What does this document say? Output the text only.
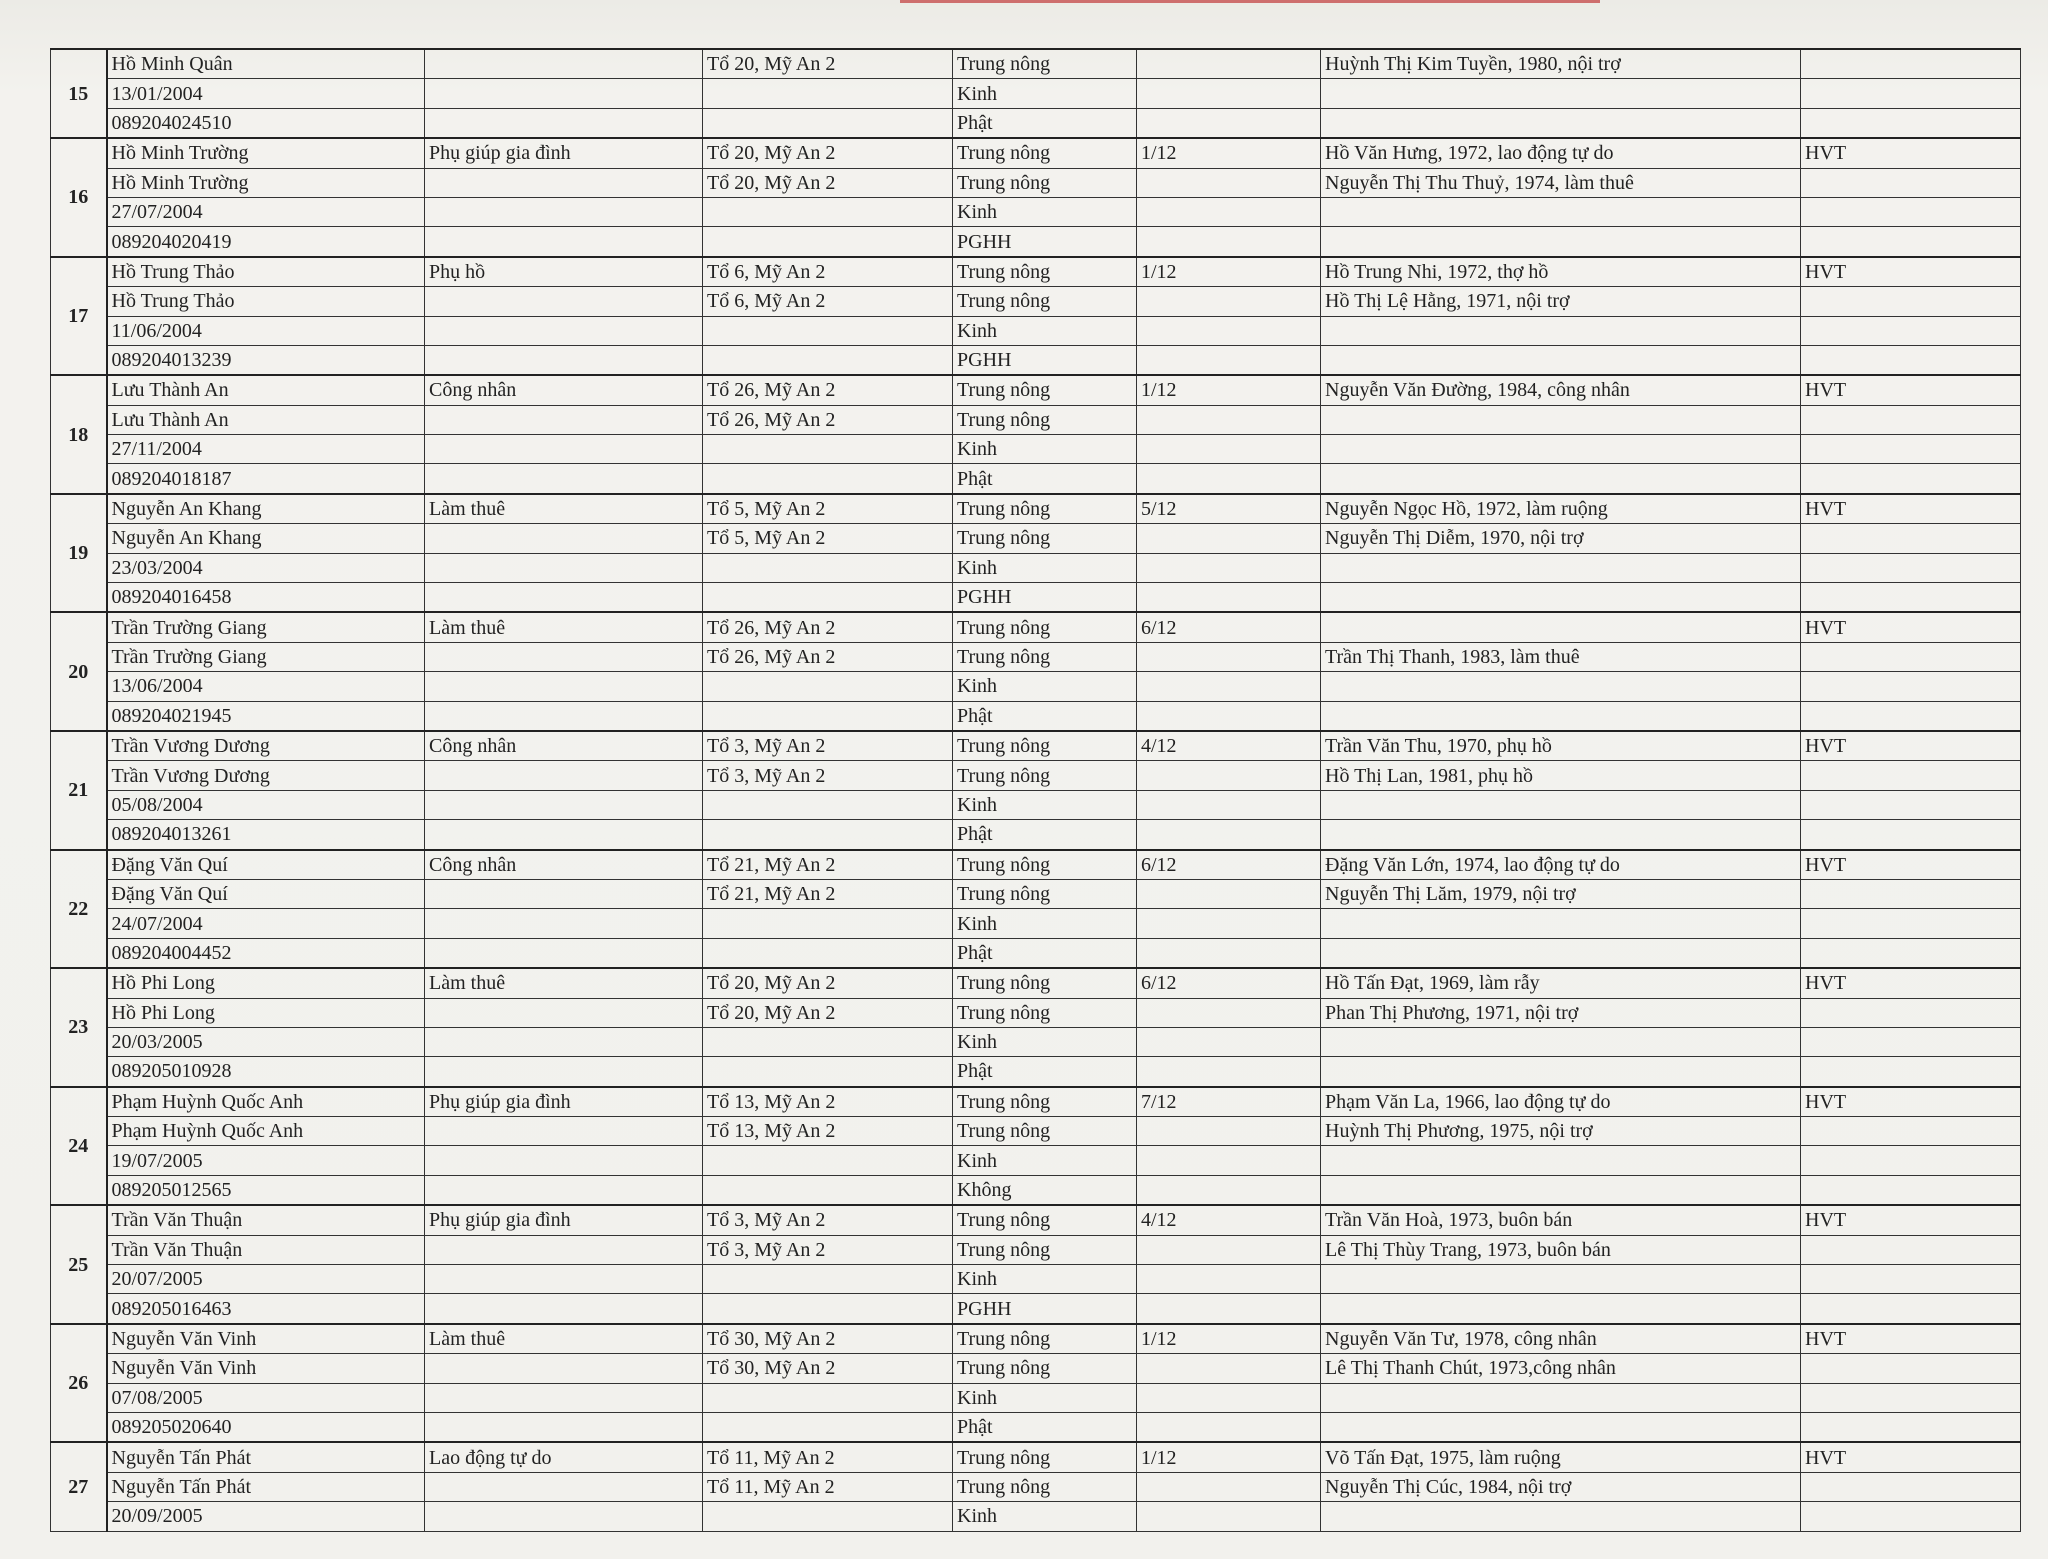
15	Hồ Minh Quân		Tổ 20, Mỹ An 2	Trung nông		Huỳnh Thị Kim Tuyền, 1980, nội trợ	
	13/01/2004			Kinh			
	089204024510			Phật			
16	Hồ Minh Trường	Phụ giúp gia đình	Tổ 20, Mỹ An 2	Trung nông	1/12	Hồ Văn Hưng, 1972, lao động tự do	HVT
	Hồ Minh Trường		Tổ 20, Mỹ An 2	Trung nông		Nguyễn Thị Thu Thuỷ, 1974, làm thuê	
	27/07/2004			Kinh			
	089204020419			PGHH			
17	Hồ Trung Thảo	Phụ hồ	Tổ 6, Mỹ An 2	Trung nông	1/12	Hồ Trung Nhi, 1972, thợ hồ	HVT
	Hồ Trung Thảo		Tổ 6, Mỹ An 2	Trung nông		Hồ Thị Lệ Hằng, 1971, nội trợ	
	11/06/2004			Kinh			
	089204013239			PGHH			
18	Lưu Thành An	Công nhân	Tổ 26, Mỹ An 2	Trung nông	1/12	Nguyễn Văn Đường, 1984, công nhân	HVT
	Lưu Thành An		Tổ 26, Mỹ An 2	Trung nông			
	27/11/2004			Kinh			
	089204018187			Phật			
19	Nguyễn An Khang	Làm thuê	Tổ 5, Mỹ An 2	Trung nông	5/12	Nguyễn Ngọc Hồ, 1972, làm ruộng	HVT
	Nguyễn An Khang		Tổ 5, Mỹ An 2	Trung nông		Nguyễn Thị Diễm, 1970, nội trợ	
	23/03/2004			Kinh			
	089204016458			PGHH			
20	Trần Trường Giang	Làm thuê	Tổ 26, Mỹ An 2	Trung nông	6/12		HVT
	Trần Trường Giang		Tổ 26, Mỹ An 2	Trung nông		Trần Thị Thanh, 1983, làm thuê	
	13/06/2004			Kinh			
	089204021945			Phật			
21	Trần Vương Dương	Công nhân	Tổ 3, Mỹ An 2	Trung nông	4/12	Trần Văn Thu, 1970, phụ hồ	HVT
	Trần Vương Dương		Tổ 3, Mỹ An 2	Trung nông		Hồ Thị Lan, 1981, phụ hồ	
	05/08/2004			Kinh			
	089204013261			Phật			
22	Đặng Văn Quí	Công nhân	Tổ 21, Mỹ An 2	Trung nông	6/12	Đặng Văn Lớn, 1974, lao động tự do	HVT
	Đặng Văn Quí		Tổ 21, Mỹ An 2	Trung nông		Nguyễn Thị Lăm, 1979, nội trợ	
	24/07/2004			Kinh			
	089204004452			Phật			
23	Hồ Phi Long	Làm thuê	Tổ 20, Mỹ An 2	Trung nông	6/12	Hồ Tấn Đạt, 1969, làm rẫy	HVT
	Hồ Phi Long		Tổ 20, Mỹ An 2	Trung nông		Phan Thị Phương, 1971, nội trợ	
	20/03/2005			Kinh			
	089205010928			Phật			
24	Phạm Huỳnh Quốc Anh	Phụ giúp gia đình	Tổ 13, Mỹ An 2	Trung nông	7/12	Phạm Văn La, 1966, lao động tự do	HVT
	Phạm Huỳnh Quốc Anh		Tổ 13, Mỹ An 2	Trung nông		Huỳnh Thị Phương, 1975, nội trợ	
	19/07/2005			Kinh			
	089205012565			Không			
25	Trần Văn Thuận	Phụ giúp gia đình	Tổ 3, Mỹ An 2	Trung nông	4/12	Trần Văn Hoà, 1973, buôn bán	HVT
	Trần Văn Thuận		Tổ 3, Mỹ An 2	Trung nông		Lê Thị Thùy Trang, 1973, buôn bán	
	20/07/2005			Kinh			
	089205016463			PGHH			
26	Nguyễn Văn Vinh	Làm thuê	Tổ 30, Mỹ An 2	Trung nông	1/12	Nguyễn Văn Tư, 1978, công nhân	HVT
	Nguyễn Văn Vinh		Tổ 30, Mỹ An 2	Trung nông		Lê Thị Thanh Chút, 1973,công nhân	
	07/08/2005			Kinh			
	089205020640			Phật			
27	Nguyễn Tấn Phát	Lao động tự do	Tổ 11, Mỹ An 2	Trung nông	1/12	Võ Tấn Đạt, 1975, làm ruộng	HVT
	Nguyễn Tấn Phát		Tổ 11, Mỹ An 2	Trung nông		Nguyễn Thị Cúc, 1984, nội trợ	
	20/09/2005			Kinh			
